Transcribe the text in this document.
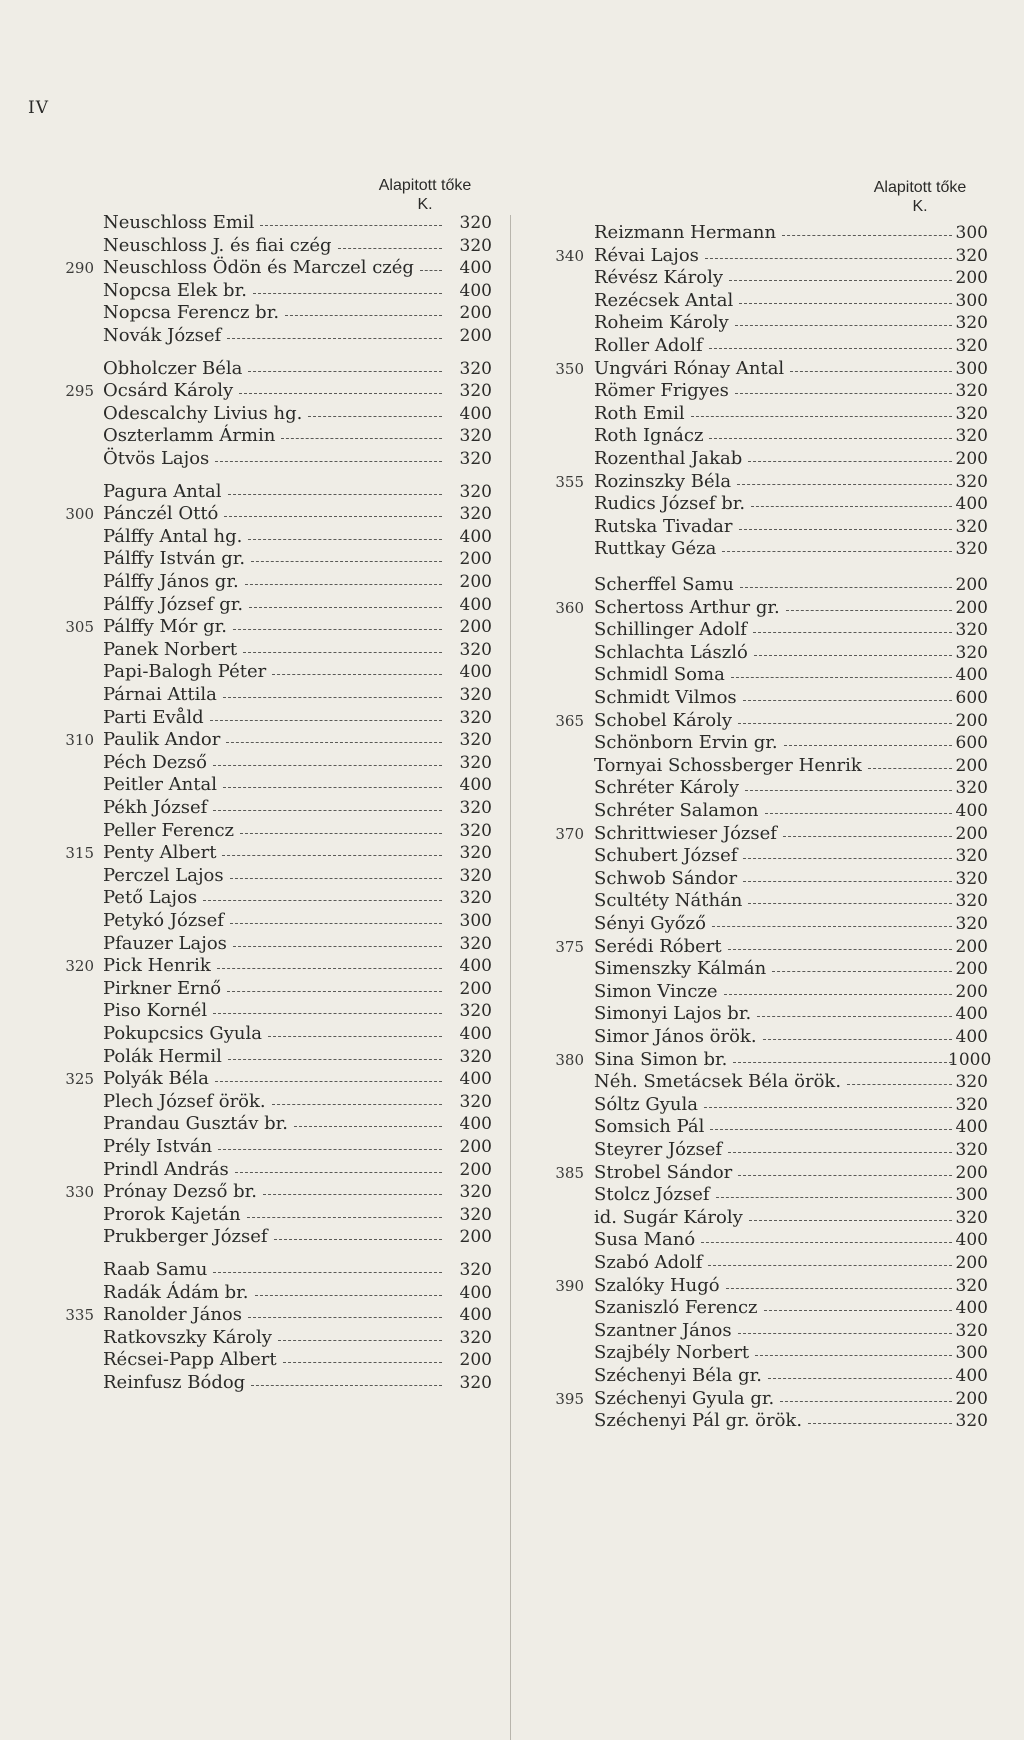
IV
Alapitott tőke
K.
Neuschloss Emil	320
Neuschloss J. és fiai czég	320
290 Neuschloss Ödön és Marczel czég	400
Nopcsa Elek br.	400
Nopcsa Ferencz br.	200
Novák József	200
Obholczer Béla	320
295 Ocsárd Károly	320
Odescalchy Livius hg.	400
Oszterlamm Ármin	320
Ötvös Lajos	320
Pagura Antal	320
300 Pánczél Ottó	320
Pálffy Antal hg.	400
Pálffy István gr.	200
Pálffy János gr.	200
Pálffy József gr.	400
305 Pálffy Mór gr.	200
Panek Norbert	320
Papi-Balogh Péter	400
Párnai Attila	320
Parti Evåld	320
310 Paulik Andor	320
Péch Dezső	320
Peitler Antal	400
Pékh József	320
Peller Ferencz	320
315 Penty Albert	320
Perczel Lajos	320
Pető Lajos	320
Petykó József	300
Pfauzer Lajos	320
320 Pick Henrik	400
Pirkner Ernő	200
Piso Kornél	320
Pokupcsics Gyula	400
Polák Hermil	320
325 Polyák Béla	400
Plech József örök.	320
Prandau Gusztáv br.	400
Prély István	200
Prindl András	200
330 Prónay Dezső br.	320
Prorok Kajetán	320
Prukberger József	200
Raab Samu	320
Radák Ádám br.	400
335 Ranolder János	400
Ratkovszky Károly	320
Récsei-Papp Albert	200
Reinfusz Bódog	320
Alapitott tőke
K.
Reizmann Hermann	300
340 Révai Lajos	320
Révész Károly	200
Rezécsek Antal	300
Roheim Károly	320
Roller Adolf	320
350 Ungvári Rónay Antal	300
Römer Frigyes	320
Roth Emil	320
Roth Ignácz	320
Rozenthal Jakab	200
355 Rozinszky Béla	320
Rudics József br.	400
Rutska Tivadar	320
Ruttkay Géza	320
Scherffel Samu	200
360 Schertoss Arthur gr.	200
Schillinger Adolf	320
Schlachta László	320
Schmidl Soma	400
Schmidt Vilmos	600
365 Schobel Károly	200
Schönborn Ervin gr.	600
Tornyai Schossberger Henrik	200
Schréter Károly	320
Schréter Salamon	400
370 Schrittwieser József	200
Schubert József	320
Schwob Sándor	320
Scultéty Náthán	320
Sényi Győző	320
375 Serédi Róbert	200
Simenszky Kálmán	200
Simon Vincze	200
Simonyi Lajos br.	400
Simor János örök.	400
380 Sina Simon br.	1000
Néh. Smetácsek Béla örök.	320
Sóltz Gyula	320
Somsich Pál	400
Steyrer József	320
385 Strobel Sándor	200
Stolcz József	300
id. Sugár Károly	320
Susa Manó	400
Szabó Adolf	200
390 Szalóky Hugó	320
Szaniszló Ferencz	400
Szantner János	320
Szajbély Norbert	300
Széchenyi Béla gr.	400
395 Széchenyi Gyula gr.	200
Széchenyi Pál gr. örök.	320
